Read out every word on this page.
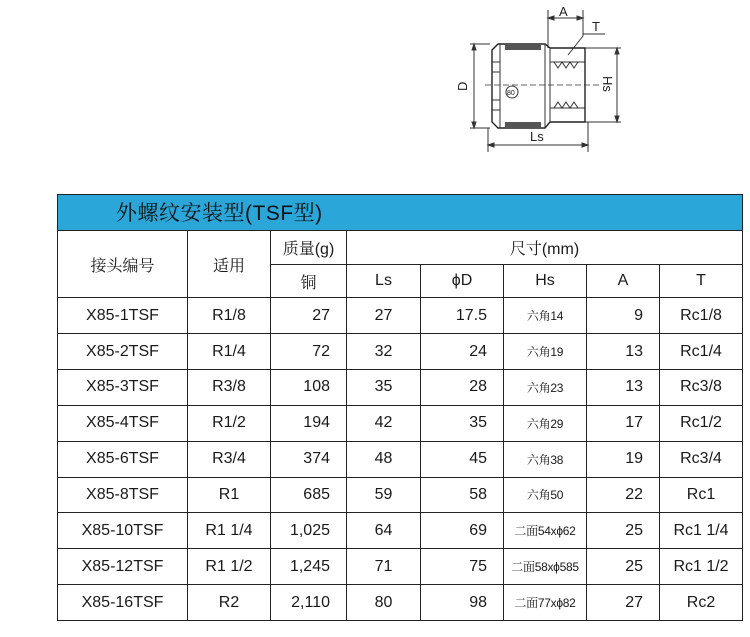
A
T
D	Hs
Ls
80
外螺纹安装型(TSF型)							
接头编号	适用	质量(g)	尺寸(mm)				
		铜	Ls	ϕD	Hs	A	T
X85-1TSF	R1/8	27	27	17.5	六角14	9	Rc1/8
X85-2TSF	R1/4	72	32	24	六角19	13	Rc1/4
X85-3TSF	R3/8	108	35	28	六角23	13	Rc3/8
X85-4TSF	R1/2	194	42	35	六角29	17	Rc1/2
X85-6TSF	R3/4	374	48	45	六角38	19	Rc3/4
X85-8TSF	R1	685	59	58	六角50	22	Rc1
X85-10TSF	R1 1/4	1,025	64	69	二面54xϕ62	25	Rc1 1/4
X85-12TSF	R1 1/2	1,245	71	75	二面58xϕ585	25	Rc1 1/2
X85-16TSF	R2	2,110	80	98	二面77xϕ82	27	Rc2
